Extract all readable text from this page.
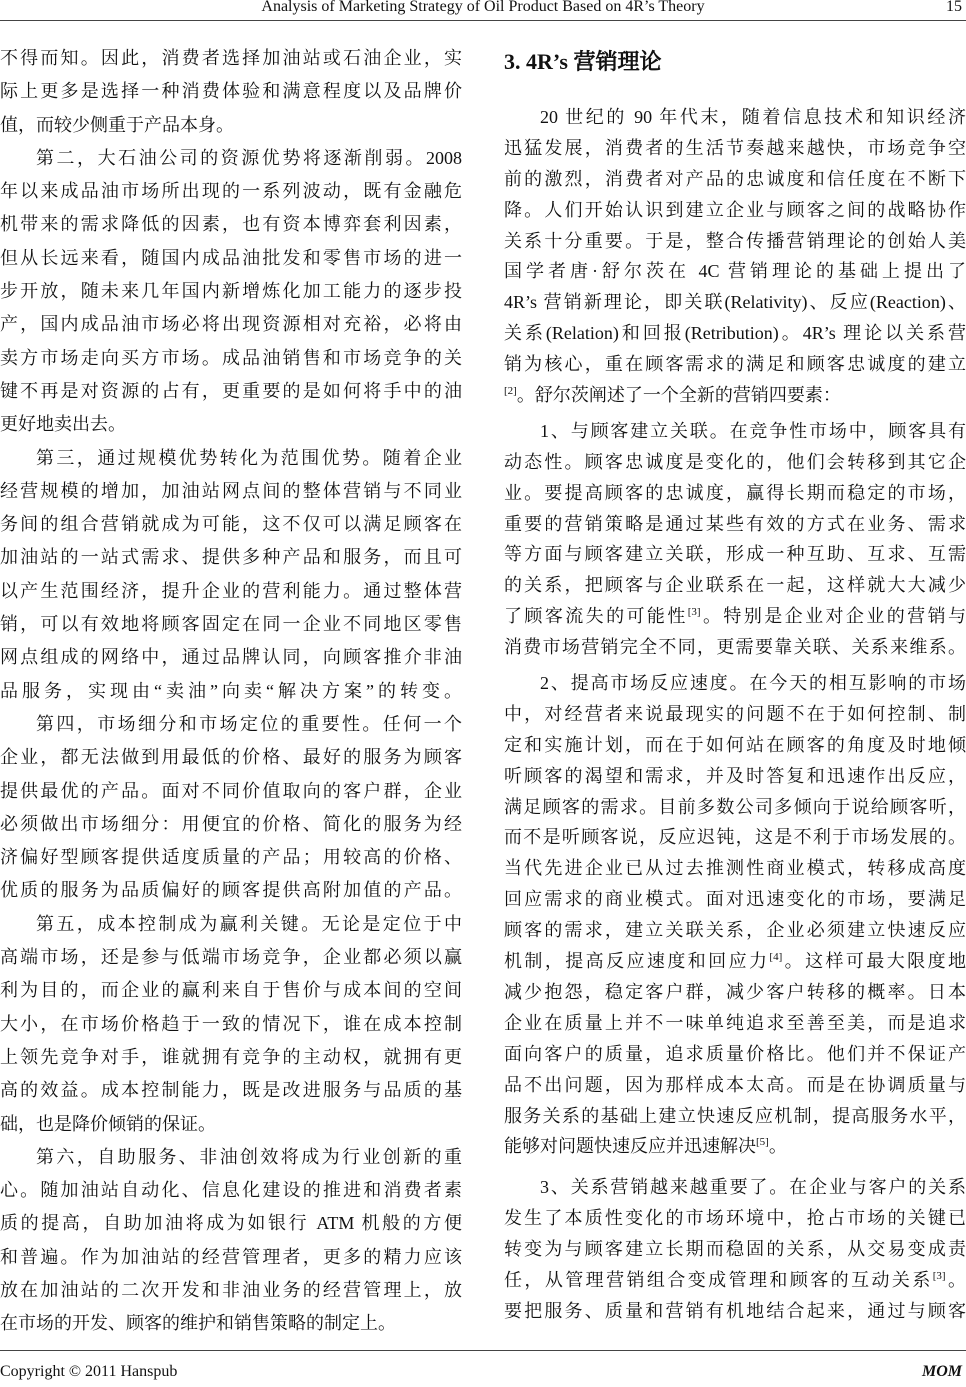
Analysis of Marketing Strategy of Oil Product Based on 4R’s Theory	15
不得而知。因此，消费者选择加油站或石油企业，实
际上更多是选择一种消费体验和满意程度以及品牌价
值，而较少侧重于产品本身。
第二，大石油公司的资源优势将逐渐削弱。2008
年以来成品油市场所出现的一系列波动，既有金融危
机带来的需求降低的因素，也有资本博弈套利因素，
但从长远来看，随国内成品油批发和零售市场的进一
步开放，随未来几年国内新增炼化加工能力的逐步投
产，国内成品油市场必将出现资源相对充裕，必将由
卖方市场走向买方市场。成品油销售和市场竞争的关
键不再是对资源的占有，更重要的是如何将手中的油
更好地卖出去。
第三，通过规模优势转化为范围优势。随着企业
经营规模的增加，加油站网点间的整体营销与不同业
务间的组合营销就成为可能，这不仅可以满足顾客在
加油站的一站式需求、提供多种产品和服务，而且可
以产生范围经济，提升企业的营利能力。通过整体营
销，可以有效地将顾客固定在同一企业不同地区零售
网点组成的网络中，通过品牌认同，向顾客推介非油
品服务，实现由“卖油”向卖“解决方案”的转变。
第四，市场细分和市场定位的重要性。任何一个
企业，都无法做到用最低的价格、最好的服务为顾客
提供最优的产品。面对不同价值取向的客户群，企业
必须做出市场细分：用便宜的价格、简化的服务为经
济偏好型顾客提供适度质量的产品；用较高的价格、
优质的服务为品质偏好的顾客提供高附加值的产品。
第五，成本控制成为赢利关键。无论是定位于中
高端市场，还是参与低端市场竞争，企业都必须以赢
利为目的，而企业的赢利来自于售价与成本间的空间
大小，在市场价格趋于一致的情况下，谁在成本控制
上领先竞争对手，谁就拥有竞争的主动权，就拥有更
高的效益。成本控制能力，既是改进服务与品质的基
础，也是降价倾销的保证。
第六，自助服务、非油创效将成为行业创新的重
心。随加油站自动化、信息化建设的推进和消费者素
质的提高，自助加油将成为如银行 ATM 机般的方便
和普遍。作为加油站的经营管理者，更多的精力应该
放在加油站的二次开发和非油业务的经营管理上，放
在市场的开发、顾客的维护和销售策略的制定上。
3. 4R’s 营销理论
20 世纪的 90 年代末，随着信息技术和知识经济
迅猛发展，消费者的生活节奏越来越快，市场竞争空
前的激烈，消费者对产品的忠诚度和信任度在不断下
降。人们开始认识到建立企业与顾客之间的战略协作
关系十分重要。于是，整合传播营销理论的创始人美
国学者唐·舒尔茨在 4C 营销理论的基础上提出了
4R’s 营销新理论，即关联(Relativity)、反应(Reaction)、
关系(Relation)和回报(Retribution)。4R’s 理论以关系营
销为核心，重在顾客需求的满足和顾客忠诚度的建立
[2]。舒尔茨阐述了一个全新的营销四要素：
1、与顾客建立关联。在竞争性市场中，顾客具有
动态性。顾客忠诚度是变化的，他们会转移到其它企
业。要提高顾客的忠诚度，赢得长期而稳定的市场，
重要的营销策略是通过某些有效的方式在业务、需求
等方面与顾客建立关联，形成一种互助、互求、互需
的关系，把顾客与企业联系在一起，这样就大大减少
了顾客流失的可能性[3]。特别是企业对企业的营销与
消费市场营销完全不同，更需要靠关联、关系来维系。
2、提高市场反应速度。在今天的相互影响的市场
中，对经营者来说最现实的问题不在于如何控制、制
定和实施计划，而在于如何站在顾客的角度及时地倾
听顾客的渴望和需求，并及时答复和迅速作出反应，
满足顾客的需求。目前多数公司多倾向于说给顾客听，
而不是听顾客说，反应迟钝，这是不利于市场发展的。
当代先进企业已从过去推测性商业模式，转移成高度
回应需求的商业模式。面对迅速变化的市场，要满足
顾客的需求，建立关联关系，企业必须建立快速反应
机制，提高反应速度和回应力[4]。这样可最大限度地
减少抱怨，稳定客户群，减少客户转移的概率。日本
企业在质量上并不一味单纯追求至善至美，而是追求
面向客户的质量，追求质量价格比。他们并不保证产
品不出问题，因为那样成本太高。而是在协调质量与
服务关系的基础上建立快速反应机制，提高服务水平，
能够对问题快速反应并迅速解决[5]。
3、关系营销越来越重要了。在企业与客户的关系
发生了本质性变化的市场环境中，抢占市场的关键已
转变为与顾客建立长期而稳固的关系，从交易变成责
任，从管理营销组合变成管理和顾客的互动关系[3]。
要把服务、质量和营销有机地结合起来，通过与顾客
Copyright © 2011 Hanspub	MOM
